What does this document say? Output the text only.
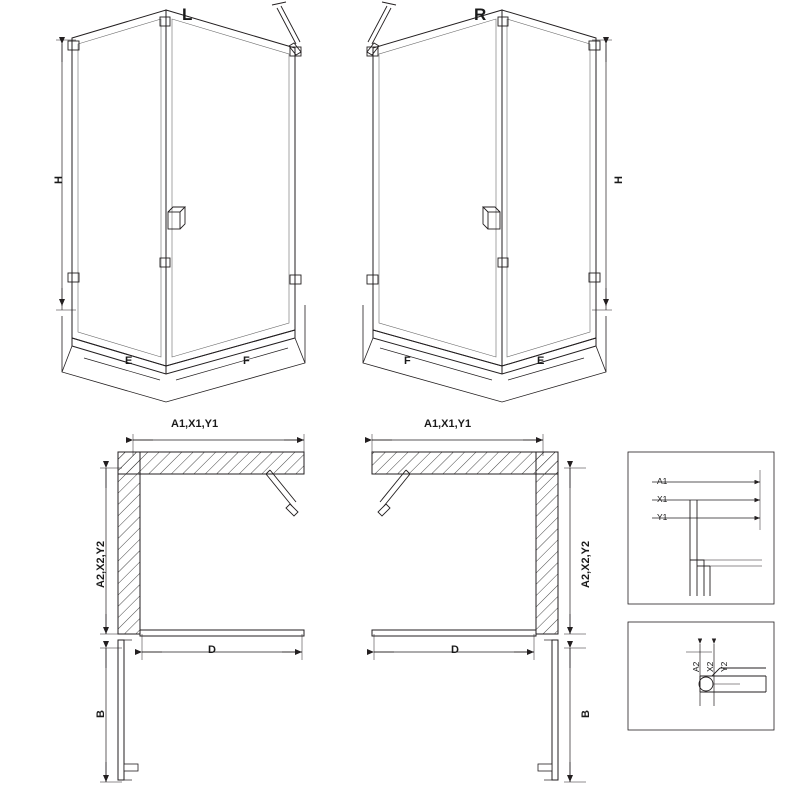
L	R
H	H
E	F	F	E
A1,X1,Y1
A2,X2,Y2
D
B
A1,X1,Y1
A2,X2,Y2
D
B
A1
X1
Y1
A2 X2 Y2
